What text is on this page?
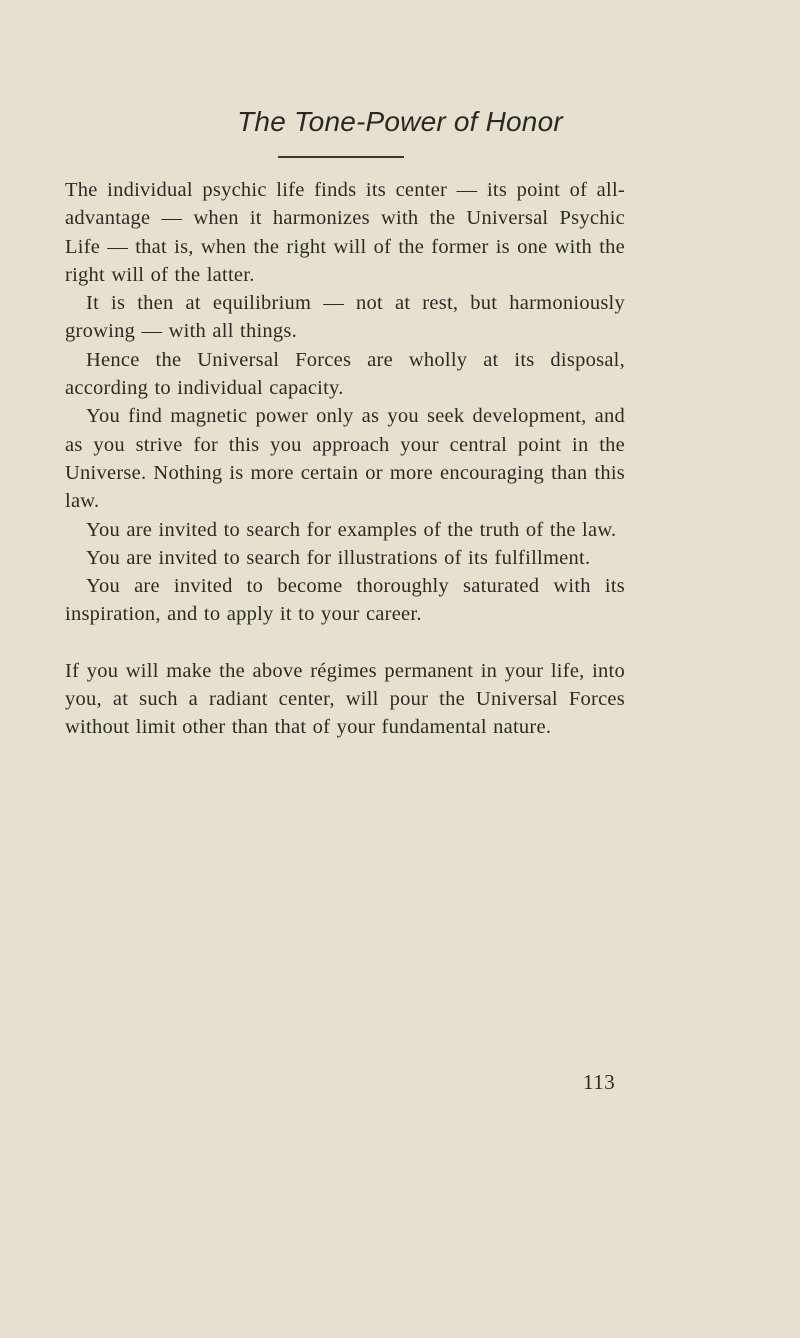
The Tone-Power of Honor

The individual psychic life finds its center — its point of all-advantage — when it harmonizes with the Universal Psychic Life — that is, when the right will of the former is one with the right will of the latter.

It is then at equilibrium — not at rest, but harmoniously growing — with all things.

Hence the Universal Forces are wholly at its disposal, according to individual capacity.

You find magnetic power only as you seek development, and as you strive for this you approach your central point in the Universe. Nothing is more certain or more encouraging than this law.

You are invited to search for examples of the truth of the law.

You are invited to search for illustrations of its fulfillment.

You are invited to become thoroughly saturated with its inspiration, and to apply it to your career.

If you will make the above régimes permanent in your life, into you, at such a radiant center, will pour the Universal Forces without limit other than that of your fundamental nature.

113
